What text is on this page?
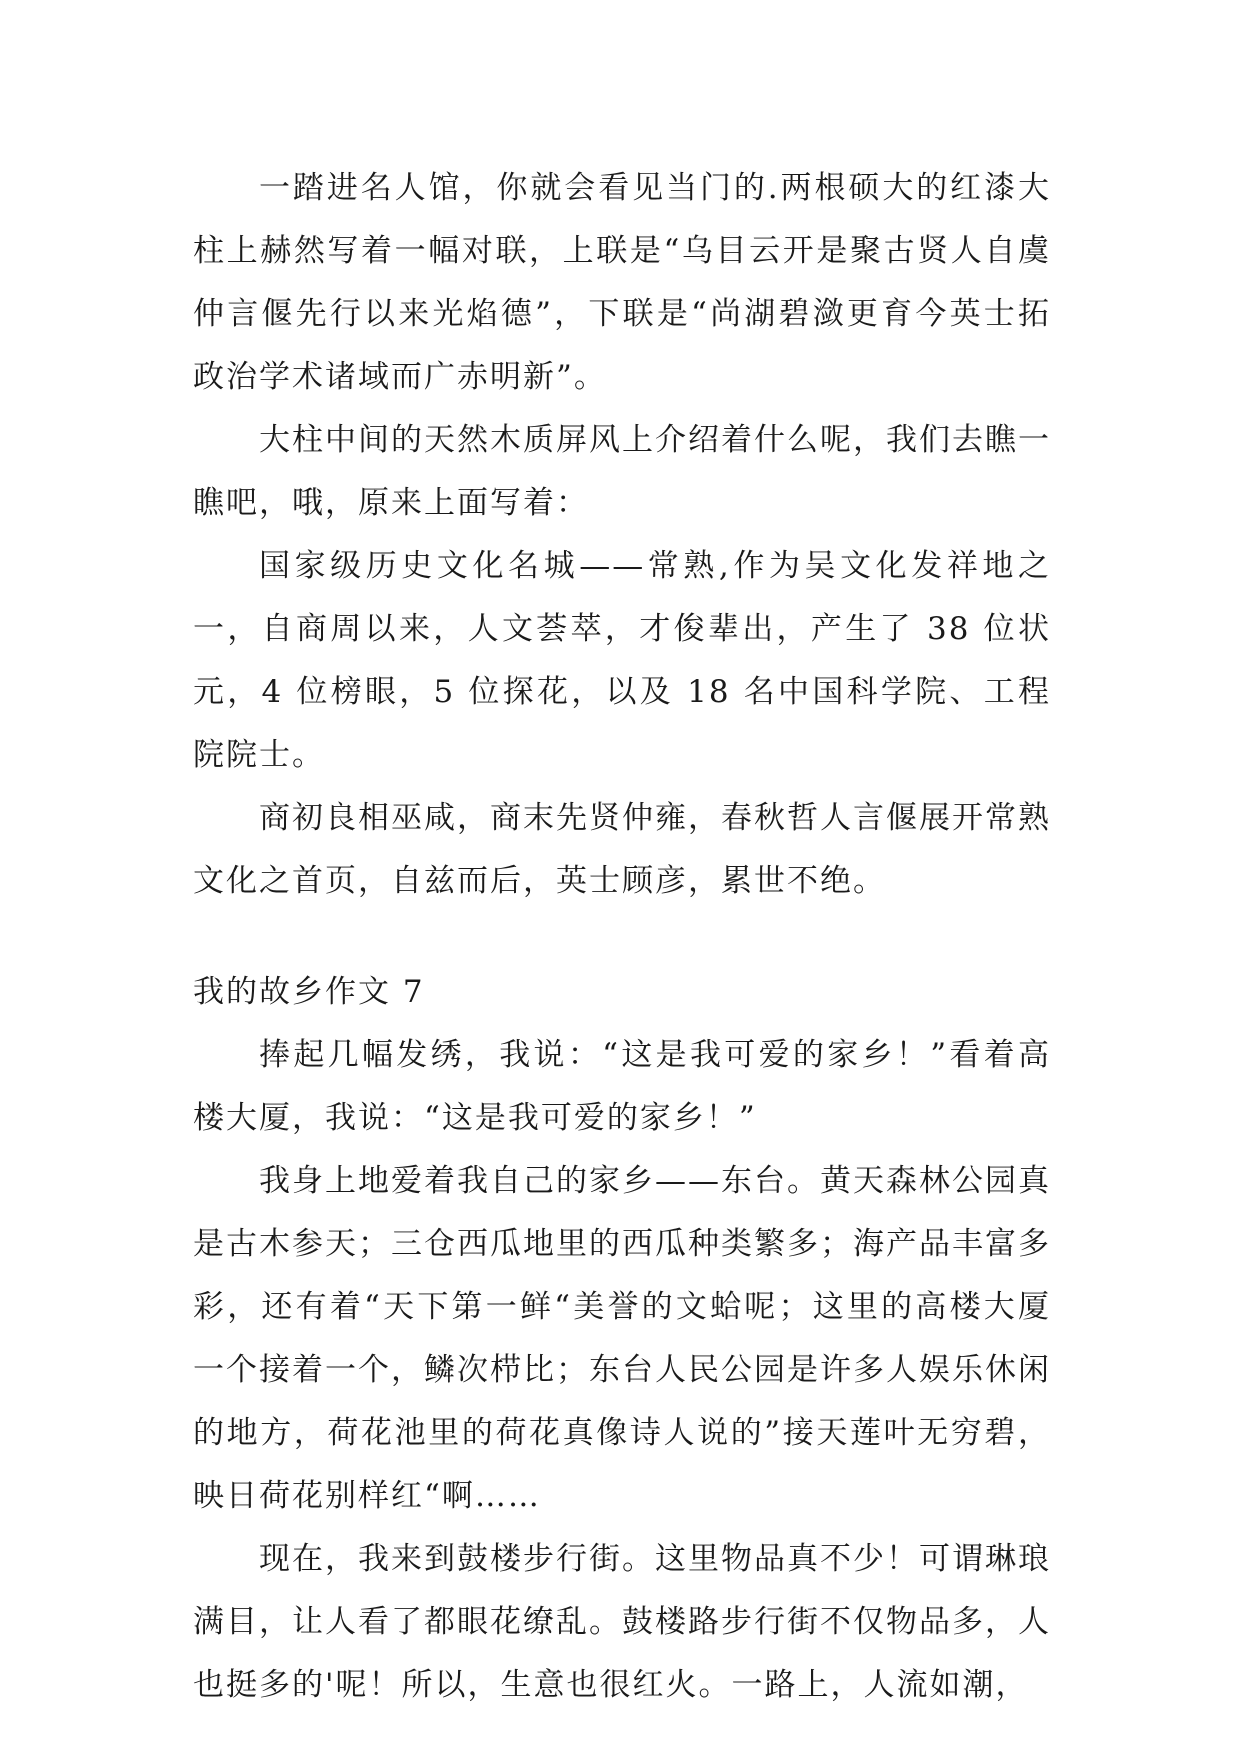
一踏进名人馆，你就会看见当门的.两根硕大的红漆大柱上赫然写着一幅对联，上联是“乌目云开是聚古贤人自虞仲言偃先行以来光焰德”，下联是“尚湖碧潋更育今英士拓政治学术诸域而广赤明新”。

大柱中间的天然木质屏风上介绍着什么呢，我们去瞧一瞧吧，哦，原来上面写着：

国家级历史文化名城——常熟,作为吴文化发祥地之一，自商周以来，人文荟萃，才俊辈出，产生了 38 位状元，4 位榜眼，5 位探花，以及 18 名中国科学院、工程院院士。

商初良相巫咸，商末先贤仲雍，春秋哲人言偃展开常熟文化之首页，自兹而后，英士顾彦，累世不绝。

我的故乡作文 7

捧起几幅发绣，我说：“这是我可爱的家乡！”看着高楼大厦，我说：“这是我可爱的家乡！”

我身上地爱着我自己的家乡——东台。黄天森林公园真是古木参天；三仓西瓜地里的西瓜种类繁多；海产品丰富多彩，还有着“天下第一鲜“美誉的文蛤呢；这里的高楼大厦一个接着一个，鳞次栉比；东台人民公园是许多人娱乐休闲的地方，荷花池里的荷花真像诗人说的”接天莲叶无穷碧，映日荷花别样红“啊……

现在，我来到鼓楼步行街。这里物品真不少！可谓琳琅满目，让人看了都眼花缭乱。鼓楼路步行街不仅物品多，人也挺多的'呢！所以，生意也很红火。一路上，人流如潮，
